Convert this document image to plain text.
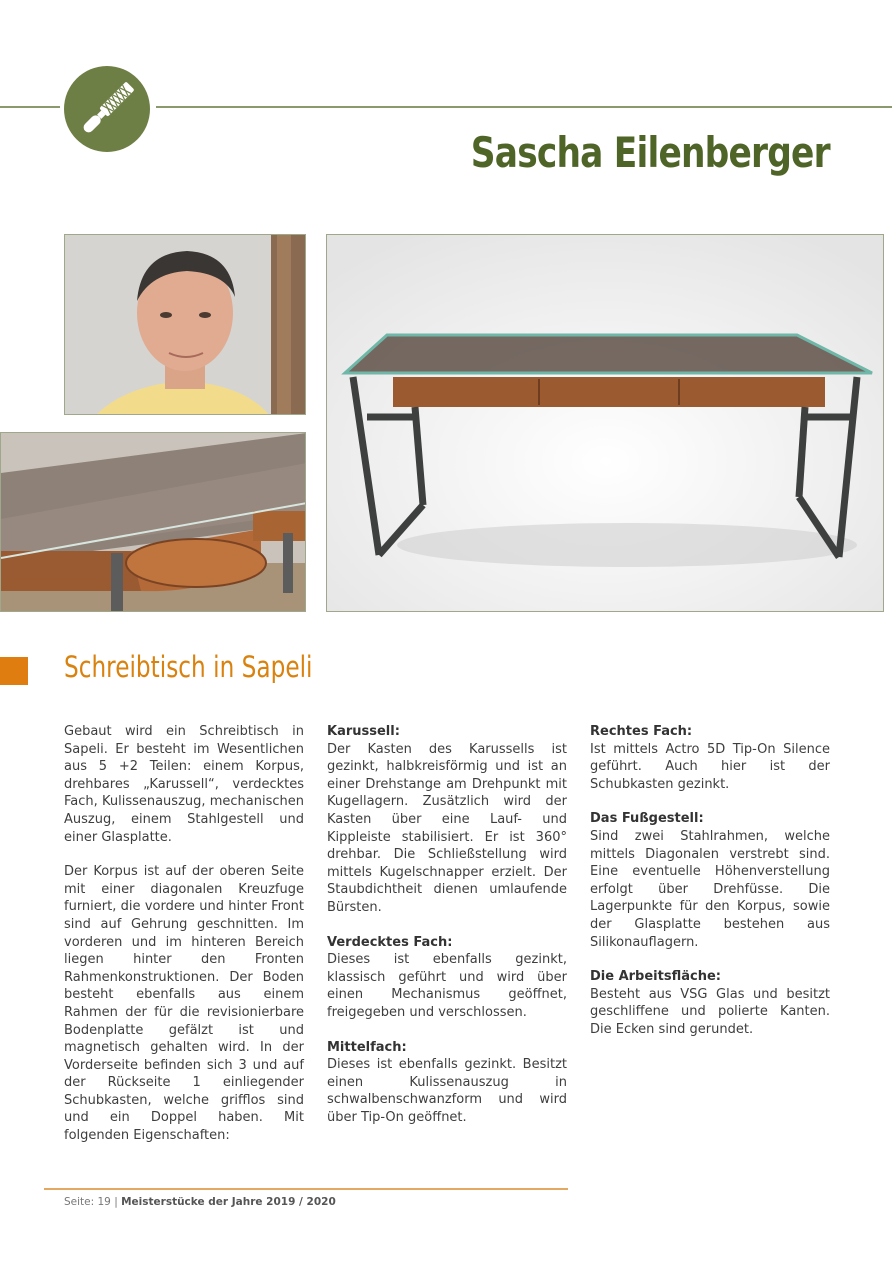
Sascha Eilenberger
Schreibtisch in Sapeli

Gebaut wird ein Schreibtisch in Sapeli. Er besteht im Wesentlichen aus 5 +2 Teilen: einem Korpus, drehbares „Karussell“, verdecktes Fach, Kulissenauszug, mechanischen Auszug, einem Stahlgestell und einer Glasplatte.

Der Korpus ist auf der oberen Seite mit einer diagonalen Kreuzfuge furniert, die vordere und hinter Front sind auf Gehrung geschnitten. Im vorderen und im hinteren Bereich liegen hinter den Fronten Rahmenkonstruktionen. Der Boden besteht ebenfalls aus einem Rahmen der für die revisionierbare Bodenplatte gefälzt ist und magnetisch gehalten wird. In der Vorderseite befinden sich 3 und auf der Rückseite 1 einliegender Schubkasten, welche grifflos sind und ein Doppel haben. Mit folgenden Eigenschaften:

Karussell:

Der Kasten des Karussells ist gezinkt, halbkreisförmig und ist an einer Drehstange am Drehpunkt mit Kugellagern. Zusätzlich wird der Kasten über eine Lauf- und Kippleiste stabilisiert. Er ist 360° drehbar. Die Schließstellung wird mittels Kugelschnapper erzielt. Der Staubdichtheit dienen umlaufende Bürsten.

Verdecktes Fach:

Dieses ist ebenfalls gezinkt, klassisch geführt und wird über einen Mechanismus geöffnet, freigegeben und verschlossen.

Mittelfach:

Dieses ist ebenfalls gezinkt. Besitzt einen Kulissenauszug in schwalbenschwanzform und wird über Tip-On geöffnet.

Rechtes Fach:

Ist mittels Actro 5D Tip-On Silence geführt. Auch hier ist der Schubkasten gezinkt.

Das Fußgestell:

Sind zwei Stahlrahmen, welche mittels Diagonalen verstrebt sind. Eine eventuelle Höhenverstellung erfolgt über Drehfüsse. Die Lagerpunkte für den Korpus, sowie der Glasplatte bestehen aus Silikonauflagern.

Die Arbeitsfläche:

Besteht aus VSG Glas und besitzt geschliffene und polierte Kanten. Die Ecken sind gerundet.

Seite: 19 | Meisterstücke der Jahre 2019 / 2020
